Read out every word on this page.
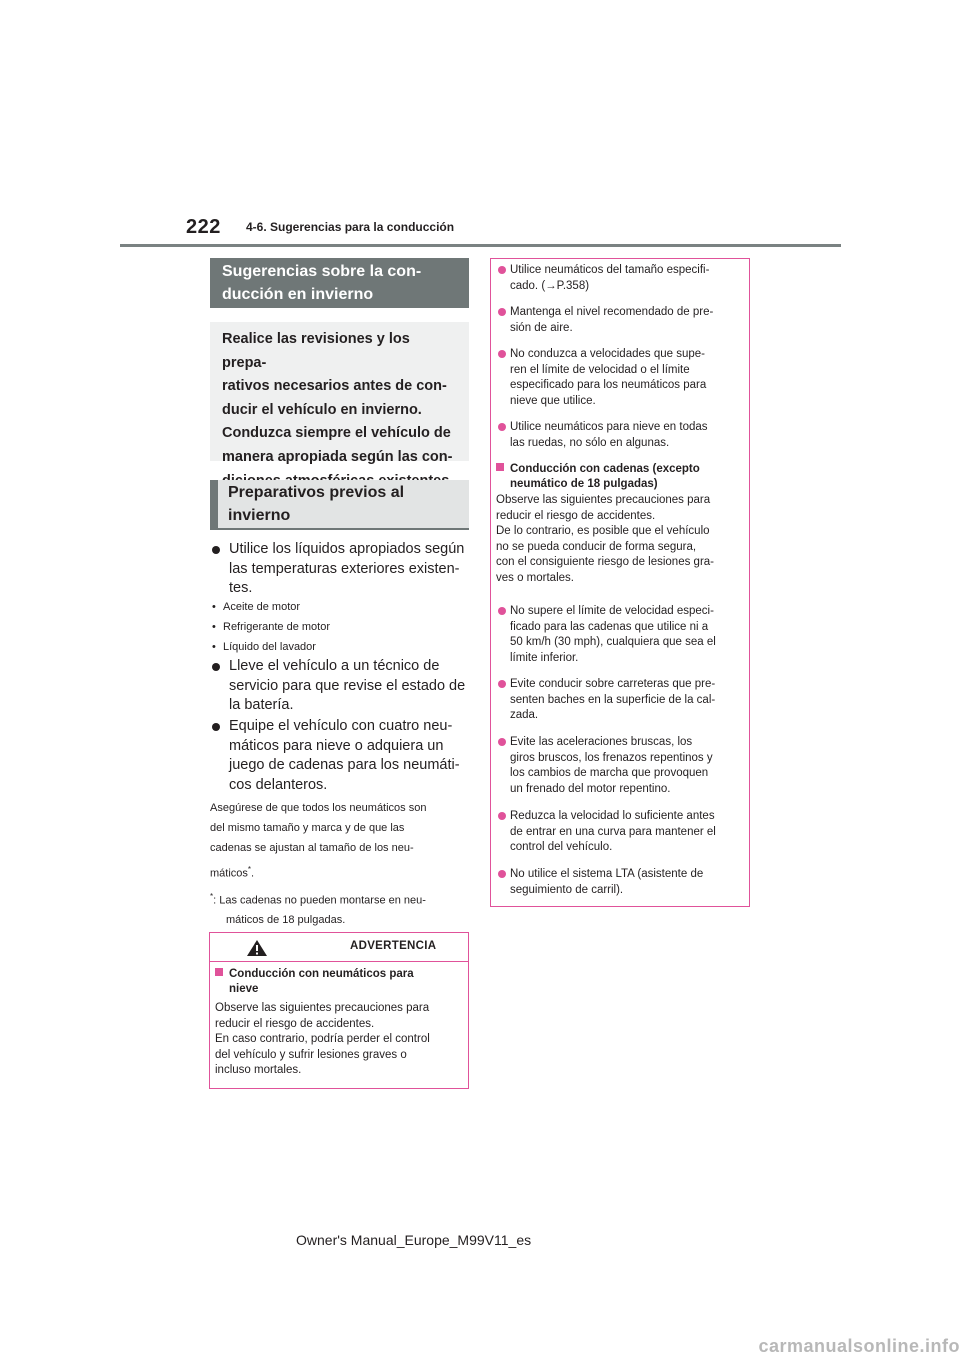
222 4-6. Sugerencias para la conducción
Sugerencias sobre la con-
ducción en invierno
Realice las revisiones y los prepa-
rativos necesarios antes de con-
ducir el vehículo en invierno.
Conduzca siempre el vehículo de
manera apropiada según las con-
Preparativos previos al
invierno
Utilice los líquidos apropiados según
las temperaturas exteriores existen-
tes.
• Aceite de motor
• Refrigerante de motor
• Líquido del lavador
Lleve el vehículo a un técnico de
servicio para que revise el estado de
la batería.
Equipe el vehículo con cuatro neu-
máticos para nieve o adquiera un
juego de cadenas para los neumáti-
cos delanteros.
Asegúrese de que todos los neumáticos son
del mismo tamaño y marca y de que las
cadenas se ajustan al tamaño de los neu-
máticos*.
*: Las cadenas no pueden montarse en neu-
máticos de 18 pulgadas.
ADVERTENCIA
Conducción con neumáticos para
nieve
Observe las siguientes precauciones para
reducir el riesgo de accidentes.
En caso contrario, podría perder el control
del vehículo y sufrir lesiones graves o
incluso mortales.
Utilice neumáticos del tamaño especifi-
cado. (→P.358)
Mantenga el nivel recomendado de pre-
sión de aire.
No conduzca a velocidades que supe-
ren el límite de velocidad o el límite
especificado para los neumáticos para
nieve que utilice.
Utilice neumáticos para nieve en todas
las ruedas, no sólo en algunas.
Conducción con cadenas (excepto
neumático de 18 pulgadas)
Observe las siguientes precauciones para
reducir el riesgo de accidentes.
De lo contrario, es posible que el vehículo
no se pueda conducir de forma segura,
con el consiguiente riesgo de lesiones gra-
ves o mortales.
No supere el límite de velocidad especi-
ficado para las cadenas que utilice ni a
50 km/h (30 mph), cualquiera que sea el
límite inferior.
Evite conducir sobre carreteras que pre-
senten baches en la superficie de la cal-
zada.
Evite las aceleraciones bruscas, los
giros bruscos, los frenazos repentinos y
los cambios de marcha que provoquen
un frenado del motor repentino.
Reduzca la velocidad lo suficiente antes
de entrar en una curva para mantener el
control del vehículo.
No utilice el sistema LTA (asistente de
seguimiento de carril).
Owner's Manual_Europe_M99V11_es
carmanualsonline.info
